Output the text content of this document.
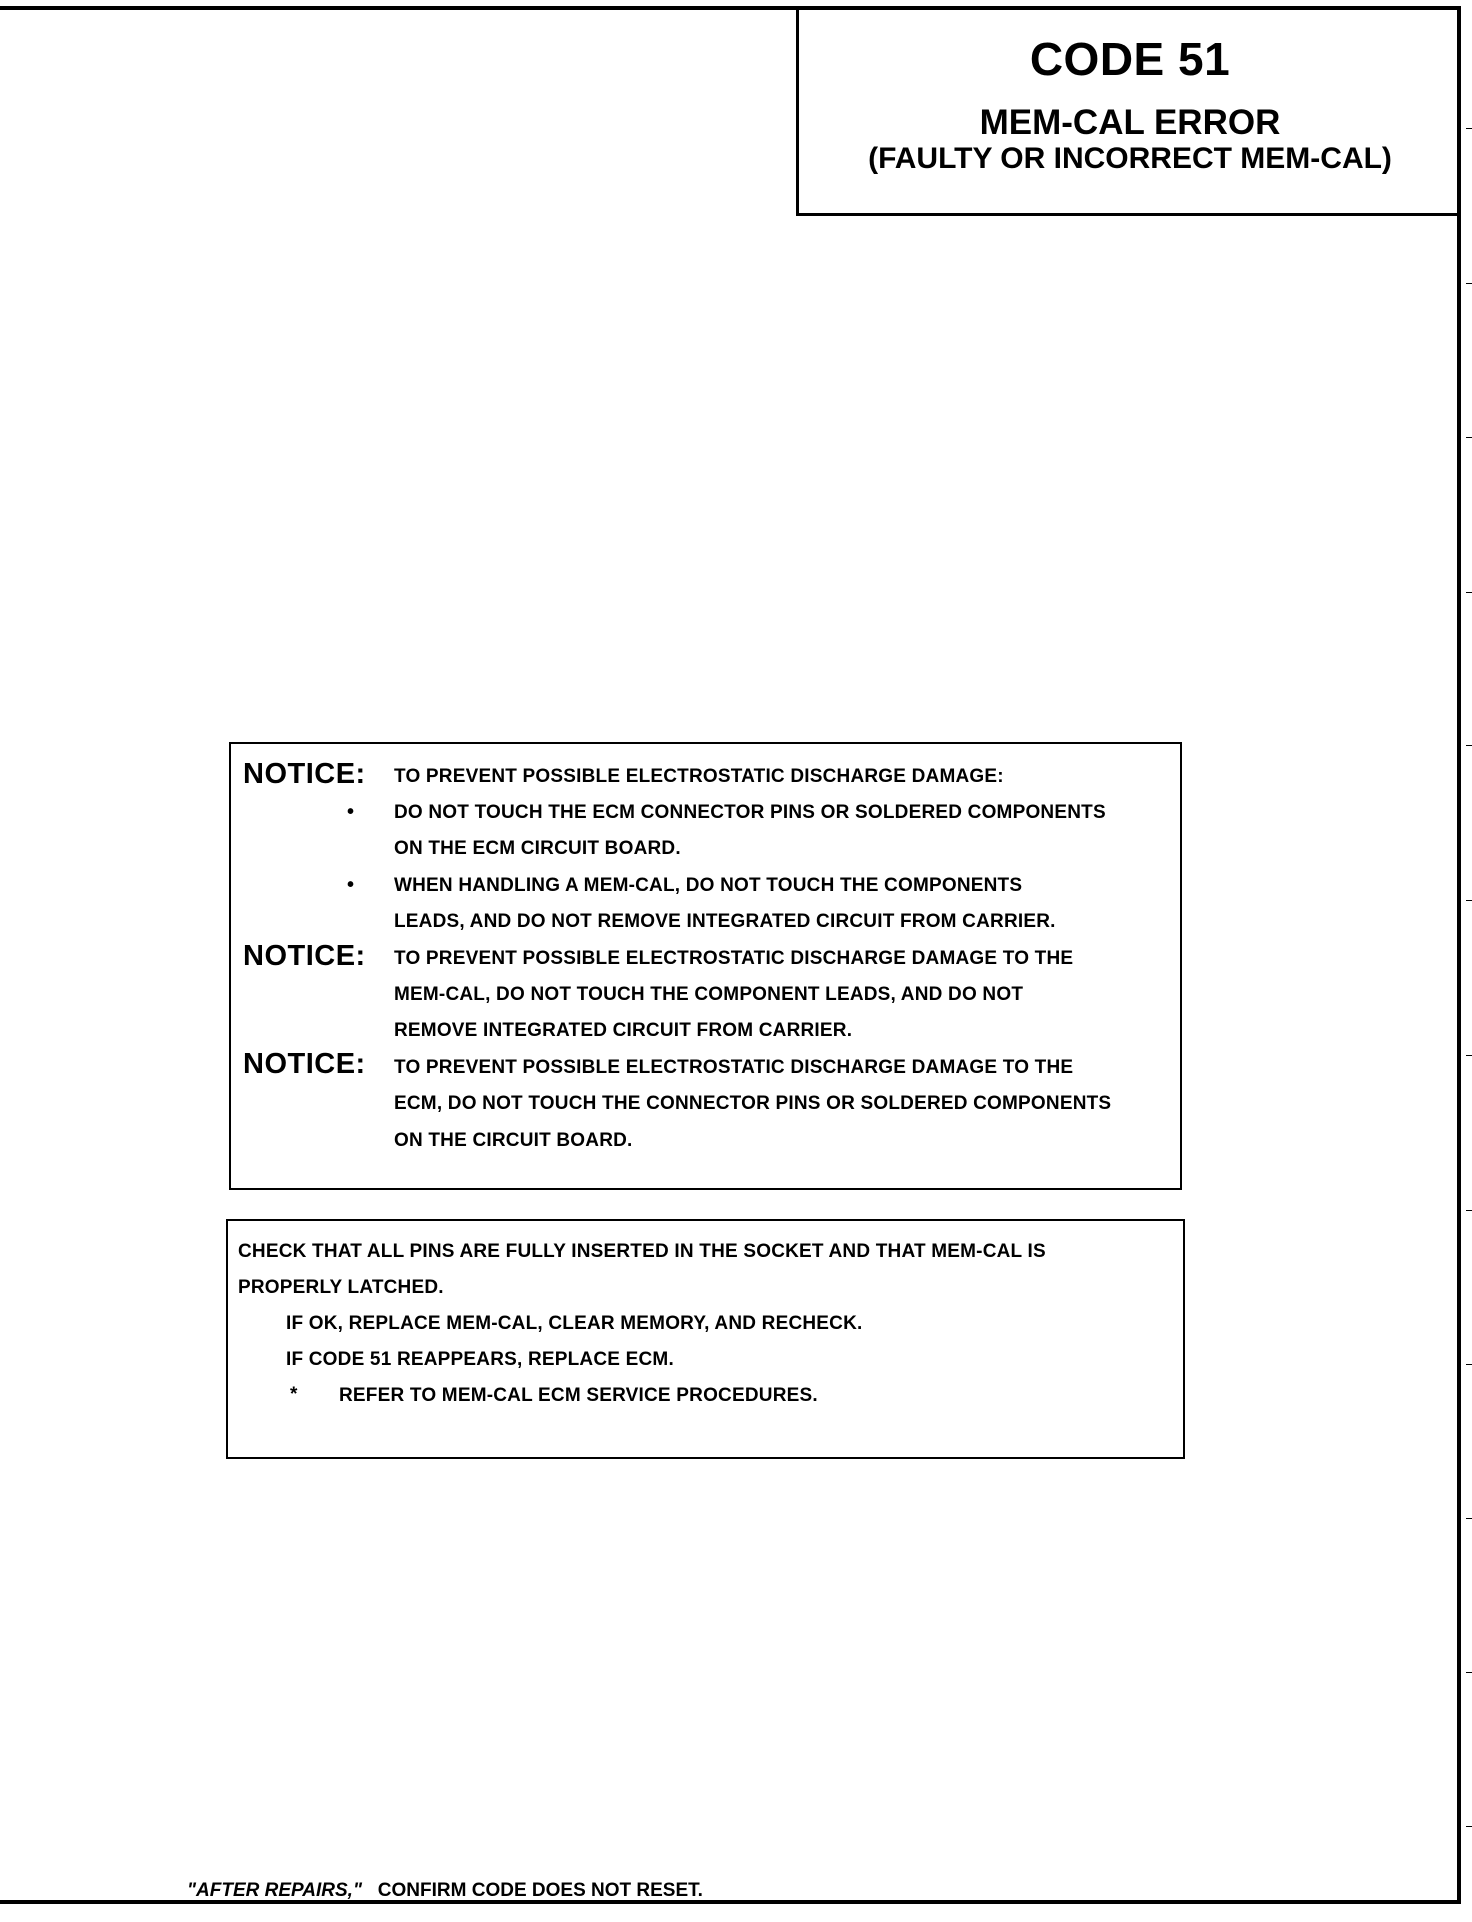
CODE 51
MEM-CAL ERROR
(FAULTY OR INCORRECT MEM-CAL)
NOTICE: TO PREVENT POSSIBLE ELECTROSTATIC DISCHARGE DAMAGE:
• DO NOT TOUCH THE ECM CONNECTOR PINS OR SOLDERED COMPONENTS
ON THE ECM CIRCUIT BOARD.
• WHEN HANDLING A MEM-CAL, DO NOT TOUCH THE COMPONENTS
LEADS, AND DO NOT REMOVE INTEGRATED CIRCUIT FROM CARRIER.
NOTICE: TO PREVENT POSSIBLE ELECTROSTATIC DISCHARGE DAMAGE TO THE
MEM-CAL, DO NOT TOUCH THE COMPONENT LEADS, AND DO NOT
REMOVE INTEGRATED CIRCUIT FROM CARRIER.
NOTICE: TO PREVENT POSSIBLE ELECTROSTATIC DISCHARGE DAMAGE TO THE
ECM, DO NOT TOUCH THE CONNECTOR PINS OR SOLDERED COMPONENTS
ON THE CIRCUIT BOARD.
CHECK THAT ALL PINS ARE FULLY INSERTED IN THE SOCKET AND THAT MEM-CAL IS
PROPERLY LATCHED.
IF OK, REPLACE MEM-CAL, CLEAR MEMORY, AND RECHECK.
IF CODE 51 REAPPEARS, REPLACE ECM.
* REFER TO MEM-CAL ECM SERVICE PROCEDURES.
"AFTER REPAIRS," CONFIRM CODE DOES NOT RESET.
